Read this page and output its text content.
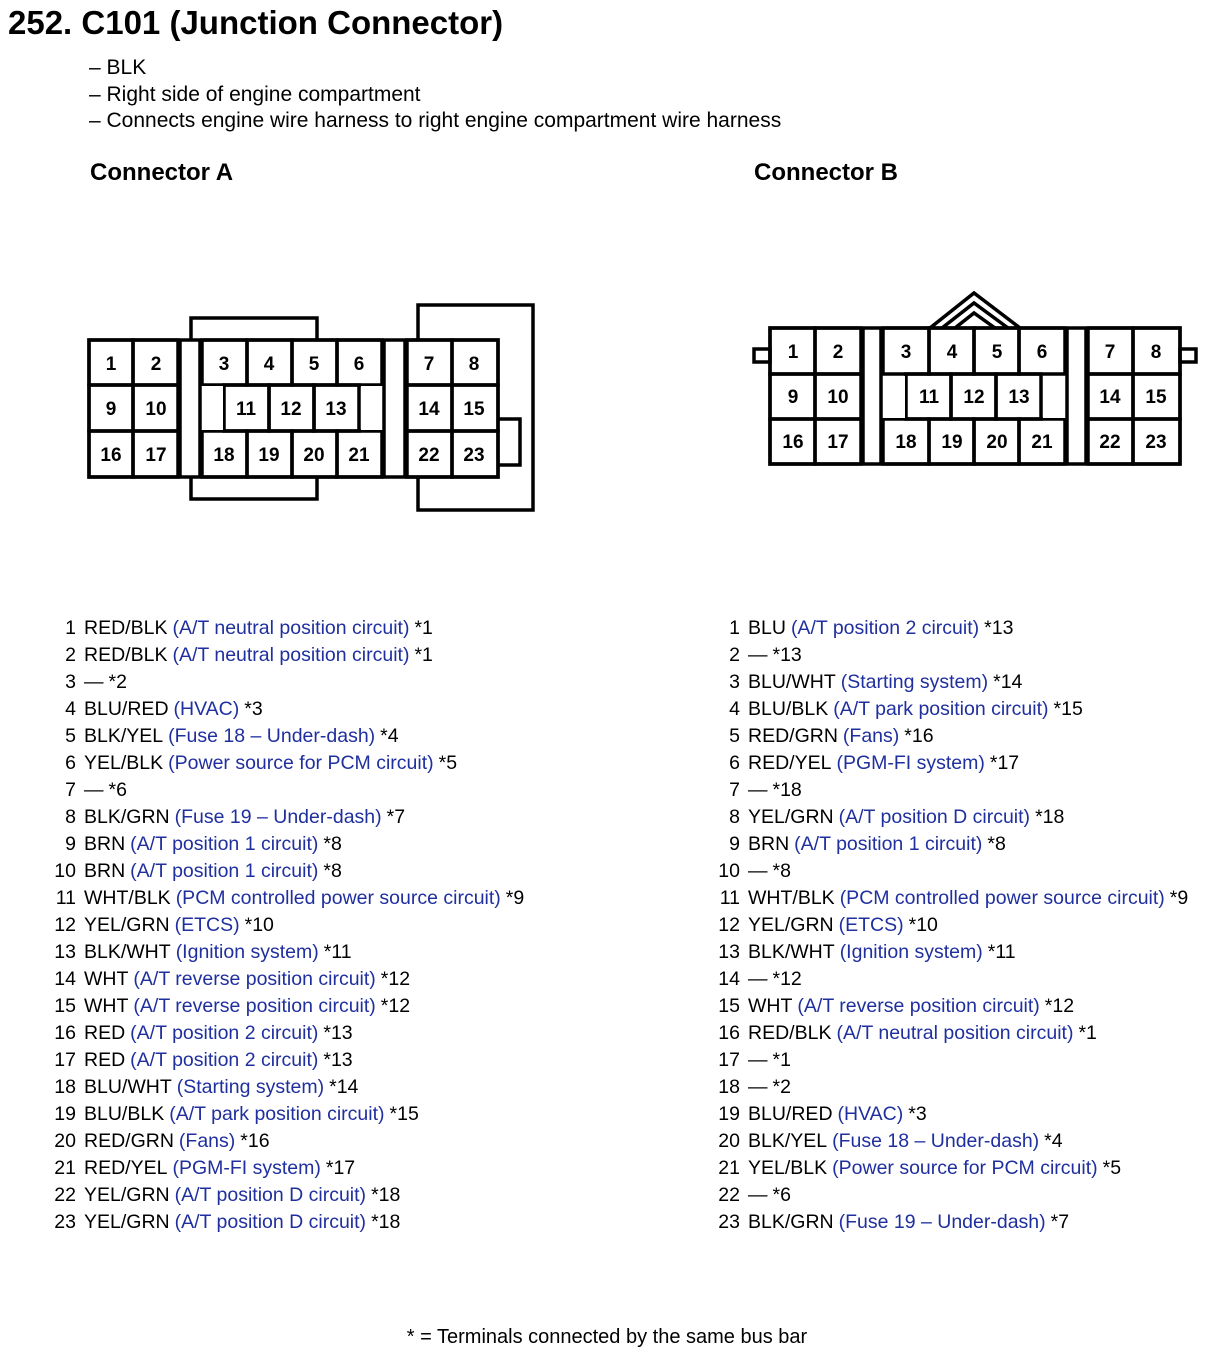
252. C101 (Junction Connector)
– BLK
– Right side of engine compartment
– Connects engine wire harness to right engine compartment wire harness
Connector A	Connector B
1 2	3 4 5 6	7 8
9 10	11 12 13	14 15
16 17 18 19 20 21	22 23
1 2	3 4 5 6	7 8
9 10	11 12 13	14 15
16 17 18 19 20 21 22 23
1 RED/BLK (A/T neutral position circuit) *1
2 RED/BLK (A/T neutral position circuit) *1
3 — *2
4 BLU/RED (HVAC) *3
5 BLK/YEL (Fuse 18 – Under-dash) *4
6 YEL/BLK (Power source for PCM circuit) *5
7 — *6
8 BLK/GRN (Fuse 19 – Under-dash) *7
9 BRN (A/T position 1 circuit) *8
10 BRN (A/T position 1 circuit) *8
11 WHT/BLK (PCM controlled power source circuit) *9
12 YEL/GRN (ETCS) *10
13 BLK/WHT (Ignition system) *11
14 WHT (A/T reverse position circuit) *12
15 WHT (A/T reverse position circuit) *12
16 RED (A/T position 2 circuit) *13
17 RED (A/T position 2 circuit) *13
18 BLU/WHT (Starting system) *14
19 BLU/BLK (A/T park position circuit) *15
20 RED/GRN (Fans) *16
21 RED/YEL (PGM-FI system) *17
22 YEL/GRN (A/T position D circuit) *18
23 YEL/GRN (A/T position D circuit) *18
1 BLU (A/T position 2 circuit) *13
2 — *13
3 BLU/WHT (Starting system) *14
4 BLU/BLK (A/T park position circuit) *15
5 RED/GRN (Fans) *16
6 RED/YEL (PGM-FI system) *17
7 — *18
8 YEL/GRN (A/T position D circuit) *18
9 BRN (A/T position 1 circuit) *8
10 — *8
11 WHT/BLK (PCM controlled power source circuit) *9
12 YEL/GRN (ETCS) *10
13 BLK/WHT (Ignition system) *11
14 — *12
15 WHT (A/T reverse position circuit) *12
16 RED/BLK (A/T neutral position circuit) *1
17 — *1
18 — *2
19 BLU/RED (HVAC) *3
20 BLK/YEL (Fuse 18 – Under-dash) *4
21 YEL/BLK (Power source for PCM circuit) *5
22 — *6
23 BLK/GRN (Fuse 19 – Under-dash) *7
* = Terminals connected by the same bus bar
